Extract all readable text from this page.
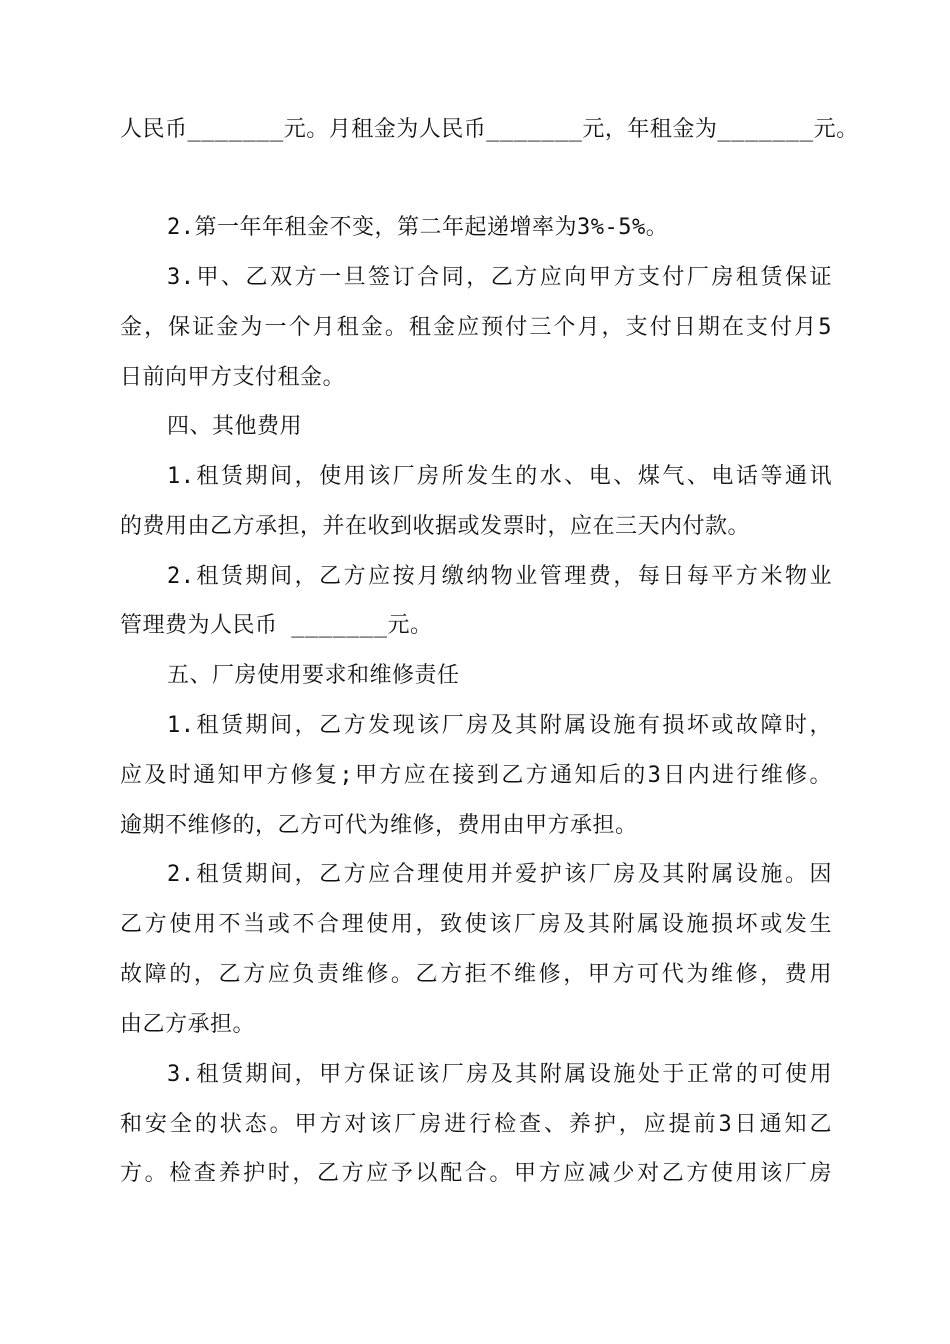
人民币_______元。月租金为人民币_______元，年租金为_______元。
2.第一年年租金不变，第二年起递增率为3%-5%。
3.甲、乙双方一旦签订合同，乙方应向甲方支付厂房租赁保证
金，保证金为一个月租金。租金应预付三个月，支付日期在支付月5
日前向甲方支付租金。
四、其他费用
1.租赁期间，使用该厂房所发生的水、电、煤气、电话等通讯
的费用由乙方承担，并在收到收据或发票时，应在三天内付款。
2.租赁期间，乙方应按月缴纳物业管理费，每日每平方米物业
管理费为人民币 _______元。
五、厂房使用要求和维修责任
1.租赁期间，乙方发现该厂房及其附属设施有损坏或故障时，
应及时通知甲方修复;甲方应在接到乙方通知后的3日内进行维修。
逾期不维修的，乙方可代为维修，费用由甲方承担。
2.租赁期间，乙方应合理使用并爱护该厂房及其附属设施。因
乙方使用不当或不合理使用，致使该厂房及其附属设施损坏或发生
故障的，乙方应负责维修。乙方拒不维修，甲方可代为维修，费用
由乙方承担。
3.租赁期间，甲方保证该厂房及其附属设施处于正常的可使用
和安全的状态。甲方对该厂房进行检查、养护，应提前3日通知乙
方。检查养护时，乙方应予以配合。甲方应减少对乙方使用该厂房
